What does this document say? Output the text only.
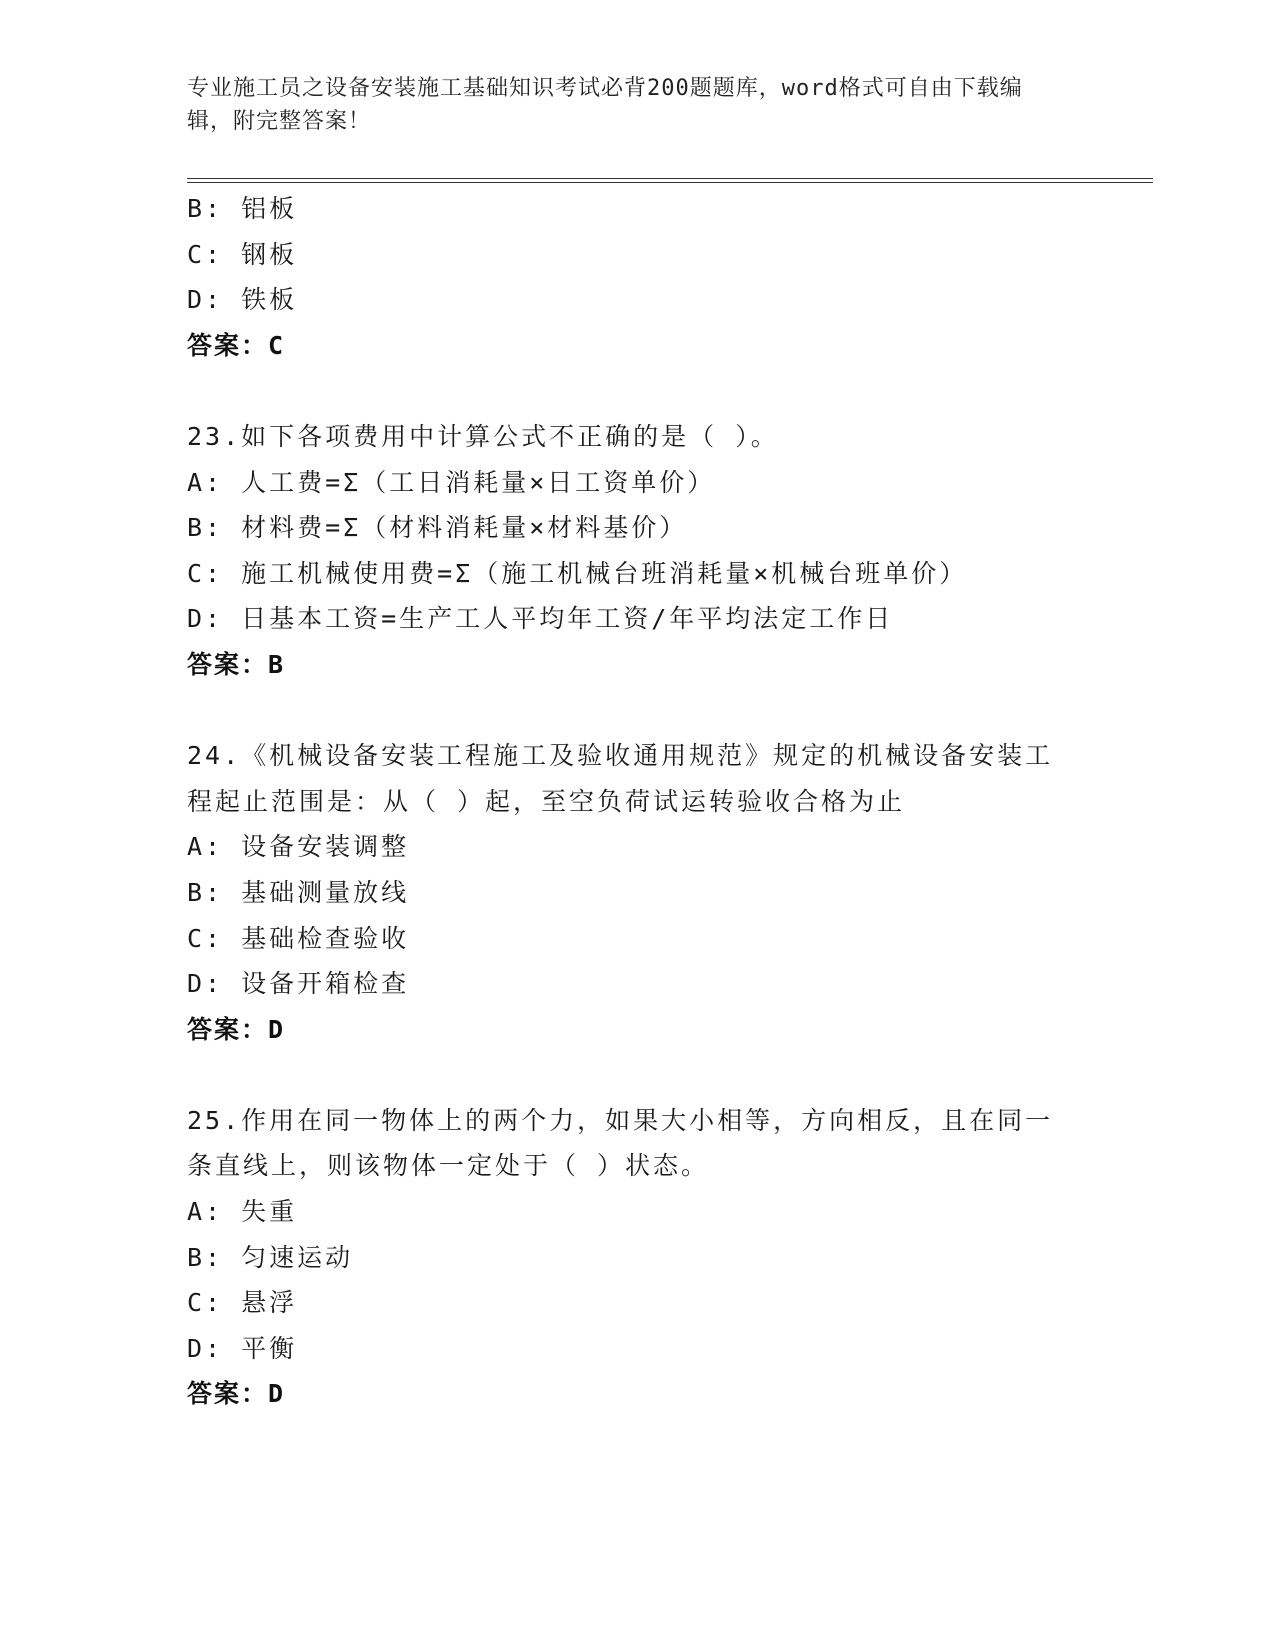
专业施工员之设备安装施工基础知识考试必背200题题库，word格式可自由下载编辑，附完整答案！
B: 铝板
C: 钢板
D: 铁板
答案：C
23.如下各项费用中计算公式不正确的是（ ）。
A: 人工费=Σ（工日消耗量×日工资单价）
B: 材料费=Σ（材料消耗量×材料基价）
C: 施工机械使用费=Σ（施工机械台班消耗量×机械台班单价）
D: 日基本工资=生产工人平均年工资/年平均法定工作日
答案：B
24.《机械设备安装工程施工及验收通用规范》规定的机械设备安装工程起止范围是：从（ ）起，至空负荷试运转验收合格为止
A: 设备安装调整
B: 基础测量放线
C: 基础检查验收
D: 设备开箱检查
答案：D
25.作用在同一物体上的两个力，如果大小相等，方向相反，且在同一条直线上，则该物体一定处于（ ）状态。
A: 失重
B: 匀速运动
C: 悬浮
D: 平衡
答案：D
